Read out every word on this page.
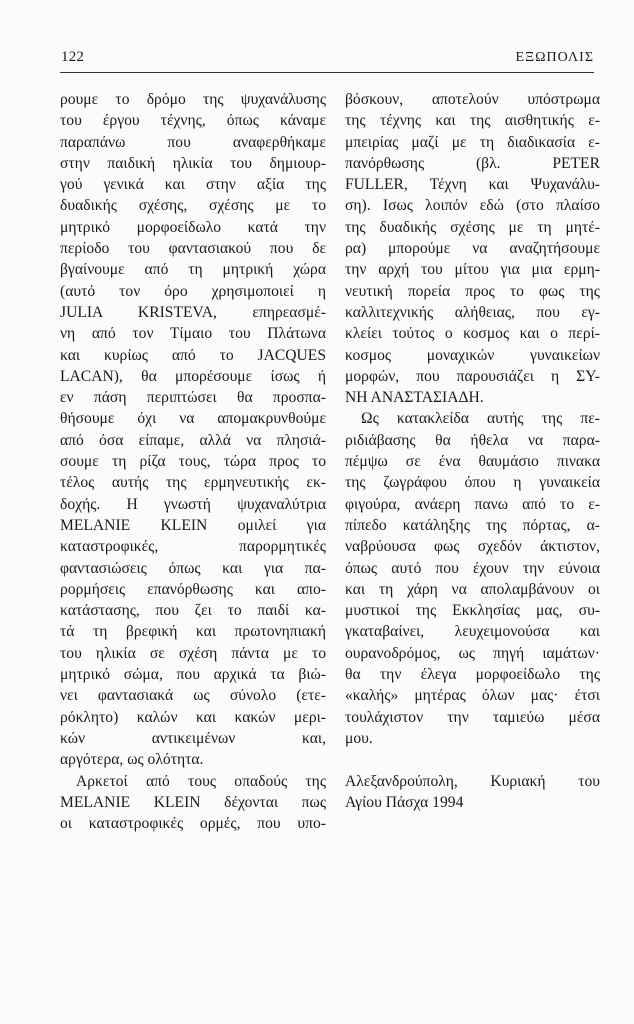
122	ΕΞΩΠΟΛΙΣ
ρουμε το δρόμο της ψυχανάλυσης
του έργου τέχνης, όπως κάναμε
παραπάνω που αναφερθήκαμε
στην παιδική ηλικία του δημιουρ-
γού γενικά και στην αξία της
δυαδικής σχέσης, σχέσης με το
μητρικό μορφοείδωλο κατά την
περίοδο του φαντασιακού που δε
βγαίνουμε από τη μητρική χώρα
(αυτό τον όρο χρησιμοποιεί η
JULIA KRISTEVA, επηρεασμέ-
νη από τον Τίμαιο του Πλάτωνα
και κυρίως από το JACQUES
LACAN), θα μπορέσουμε ίσως ή
εν πάση περιπτώσει θα προσπα-
θήσουμε όχι να απομακρυνθούμε
από όσα είπαμε, αλλά να πλησιά-
σουμε τη ρίζα τους, τώρα προς το
τέλος αυτής της ερμηνευτικής εκ-
δοχής. Η γνωστή ψυχαναλύτρια
MELANIE KLEIN ομιλεί για
καταστροφικές, παρορμητικές
φαντασιώσεις όπως και για πα-
ρορμήσεις επανόρθωσης και απο-
κατάστασης, που ζει το παιδί κα-
τά τη βρεφική και πρωτονηπιακή
του ηλικία σε σχέση πάντα με το
μητρικό σώμα, που αρχικά τα βιώ-
νει φαντασιακά ως σύνολο (ετε-
ρόκλητο) καλών και κακών μερι-
κών αντικειμένων και,
αργότερα, ως ολότητα.
Αρκετοί από τους οπαδούς της
MELANIE KLEIN δέχονται πως
οι καταστροφικές ορμές, που υπο-
βόσκουν, αποτελούν υπόστρωμα
της τέχνης και της αισθητικής ε-
μπειρίας μαζί με τη διαδικασία ε-
πανόρθωσης (βλ. PETER
FULLER, Τέχνη και Ψυχανάλυ-
ση). Ισως λοιπόν εδώ (στο πλαίσο
της δυαδικής σχέσης με τη μητέ-
ρα) μπορούμε να αναζητήσουμε
την αρχή του μίτου για μια ερμη-
νευτική πορεία προς το φως της
καλλιτεχνικής αλήθειας, που εγ-
κλείει τούτος ο κοσμος και ο περί-
κοσμος μοναχικών γυναικείων
μορφών, που παρουσιάζει η ΣΥ-
ΝΗ ΑΝΑΣΤΑΣΙΑΔΗ.
Ως κατακλείδα αυτής της πε-
ριδιάβασης θα ήθελα να παρα-
πέμψω σε ένα θαυμάσιο πινακα
της ζωγράφου όπου η γυναικεία
φιγούρα, ανάερη πανω από το ε-
πίπεδο κατάληξης της πόρτας, α-
ναβρύουσα φως σχεδόν άκτιστον,
όπως αυτό που έχουν την εύνοια
και τη χάρη να απολαμβάνουν οι
μυστικοί της Εκκλησίας μας, συ-
γκαταβαίνει, λευχειμονούσα και
ουρανοδρόμος, ως πηγή ιαμάτων·
θα την έλεγα μορφοείδωλο της
«καλής» μητέρας όλων μας· έτσι
τουλάχιστον την ταμιεύω μέσα
μου.
Αλεξανδρούπολη, Κυριακή του
Αγίου Πάσχα 1994
